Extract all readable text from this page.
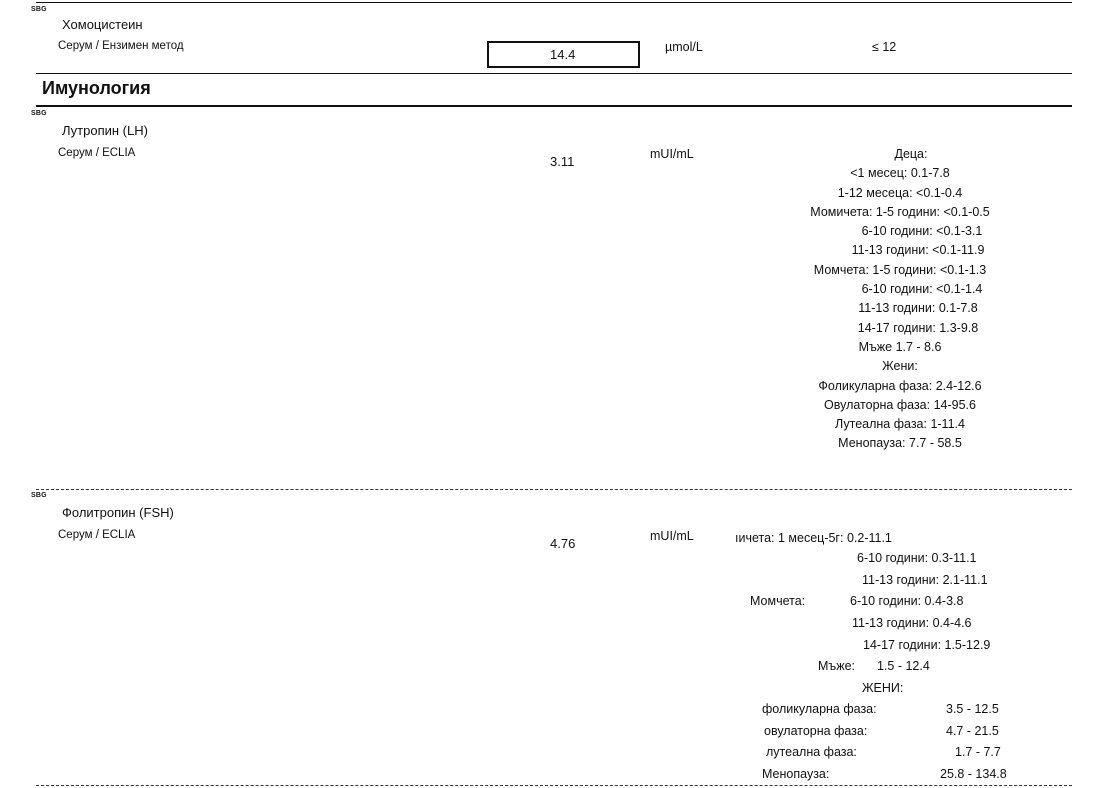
SBG
Хомоцистеин
Серум / Ензимен метод
14.4	µmol/L	≤ 12
Имунология
SBG
Лутропин (LH)
Серум / ECLIA
3.11	mUI/mL	Деца:
<1 месец: 0.1-7.8
1-12 месеца: <0.1-0.4
Момичета: 1-5 години: <0.1-0.5
6-10 години: <0.1-3.1
11-13 години: <0.1-11.9
Момчета: 1-5 години: <0.1-1.3
6-10 години: <0.1-1.4
11-13 години: 0.1-7.8
14-17 години: 1.3-9.8
Мъже 1.7 - 8.6
Жени:
Фоликуларна фаза: 2.4-12.6
Овулаторна фаза: 14-95.6
Лутеална фаза: 1-11.4
Менопауза: 7.7 - 58.5
SBG
Фолитропин (FSH)
Серум / ECLIA
4.76	mUI/mL	ıичета: 1 месец-5г: 0.2-11.1
6-10 години: 0.3-11.1
11-13 години: 2.1-11.1
Момчета:	6-10 години: 0.4-3.8
11-13 години: 0.4-4.6
14-17 години: 1.5-12.9
Мъже: 1.5 - 12.4
ЖЕНИ:
фоликуларна фаза:	3.5 - 12.5
овулаторна фаза:	4.7 - 21.5
лутеална фаза:	1.7 - 7.7
Менопауза:	25.8 - 134.8
